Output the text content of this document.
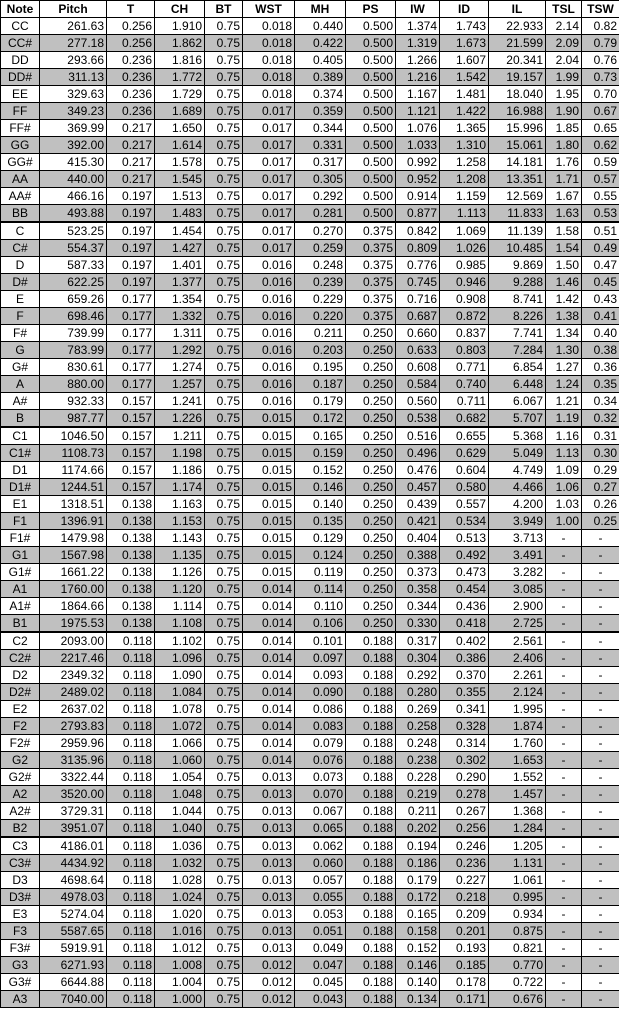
Note	Pitch	T	CH	BT	WST	MH	PS	IW	ID	IL	TSL	TSW
CC	261.63	0.256	1.910	0.75	0.018	0.440	0.500	1.374	1.743	22.933	2.14	0.82
CC#	277.18	0.256	1.862	0.75	0.018	0.422	0.500	1.319	1.673	21.599	2.09	0.79
DD	293.66	0.236	1.816	0.75	0.018	0.405	0.500	1.266	1.607	20.341	2.04	0.76
DD#	311.13	0.236	1.772	0.75	0.018	0.389	0.500	1.216	1.542	19.157	1.99	0.73
EE	329.63	0.236	1.729	0.75	0.018	0.374	0.500	1.167	1.481	18.040	1.95	0.70
FF	349.23	0.236	1.689	0.75	0.017	0.359	0.500	1.121	1.422	16.988	1.90	0.67
FF#	369.99	0.217	1.650	0.75	0.017	0.344	0.500	1.076	1.365	15.996	1.85	0.65
GG	392.00	0.217	1.614	0.75	0.017	0.331	0.500	1.033	1.310	15.061	1.80	0.62
GG#	415.30	0.217	1.578	0.75	0.017	0.317	0.500	0.992	1.258	14.181	1.76	0.59
AA	440.00	0.217	1.545	0.75	0.017	0.305	0.500	0.952	1.208	13.351	1.71	0.57
AA#	466.16	0.197	1.513	0.75	0.017	0.292	0.500	0.914	1.159	12.569	1.67	0.55
BB	493.88	0.197	1.483	0.75	0.017	0.281	0.500	0.877	1.113	11.833	1.63	0.53
C	523.25	0.197	1.454	0.75	0.017	0.270	0.375	0.842	1.069	11.139	1.58	0.51
C#	554.37	0.197	1.427	0.75	0.017	0.259	0.375	0.809	1.026	10.485	1.54	0.49
D	587.33	0.197	1.401	0.75	0.016	0.248	0.375	0.776	0.985	9.869	1.50	0.47
D#	622.25	0.197	1.377	0.75	0.016	0.239	0.375	0.745	0.946	9.288	1.46	0.45
E	659.26	0.177	1.354	0.75	0.016	0.229	0.375	0.716	0.908	8.741	1.42	0.43
F	698.46	0.177	1.332	0.75	0.016	0.220	0.375	0.687	0.872	8.226	1.38	0.41
F#	739.99	0.177	1.311	0.75	0.016	0.211	0.250	0.660	0.837	7.741	1.34	0.40
G	783.99	0.177	1.292	0.75	0.016	0.203	0.250	0.633	0.803	7.284	1.30	0.38
G#	830.61	0.177	1.274	0.75	0.016	0.195	0.250	0.608	0.771	6.854	1.27	0.36
A	880.00	0.177	1.257	0.75	0.016	0.187	0.250	0.584	0.740	6.448	1.24	0.35
A#	932.33	0.157	1.241	0.75	0.016	0.179	0.250	0.560	0.711	6.067	1.21	0.34
B	987.77	0.157	1.226	0.75	0.015	0.172	0.250	0.538	0.682	5.707	1.19	0.32
C1	1046.50	0.157	1.211	0.75	0.015	0.165	0.250	0.516	0.655	5.368	1.16	0.31
C1#	1108.73	0.157	1.198	0.75	0.015	0.159	0.250	0.496	0.629	5.049	1.13	0.30
D1	1174.66	0.157	1.186	0.75	0.015	0.152	0.250	0.476	0.604	4.749	1.09	0.29
D1#	1244.51	0.157	1.174	0.75	0.015	0.146	0.250	0.457	0.580	4.466	1.06	0.27
E1	1318.51	0.138	1.163	0.75	0.015	0.140	0.250	0.439	0.557	4.200	1.03	0.26
F1	1396.91	0.138	1.153	0.75	0.015	0.135	0.250	0.421	0.534	3.949	1.00	0.25
F1#	1479.98	0.138	1.143	0.75	0.015	0.129	0.250	0.404	0.513	3.713	-	-
G1	1567.98	0.138	1.135	0.75	0.015	0.124	0.250	0.388	0.492	3.491	-	-
G1#	1661.22	0.138	1.126	0.75	0.015	0.119	0.250	0.373	0.473	3.282	-	-
A1	1760.00	0.138	1.120	0.75	0.014	0.114	0.250	0.358	0.454	3.085	-	-
A1#	1864.66	0.138	1.114	0.75	0.014	0.110	0.250	0.344	0.436	2.900	-	-
B1	1975.53	0.138	1.108	0.75	0.014	0.106	0.250	0.330	0.418	2.725	-	-
C2	2093.00	0.118	1.102	0.75	0.014	0.101	0.188	0.317	0.402	2.561	-	-
C2#	2217.46	0.118	1.096	0.75	0.014	0.097	0.188	0.304	0.386	2.406	-	-
D2	2349.32	0.118	1.090	0.75	0.014	0.093	0.188	0.292	0.370	2.261	-	-
D2#	2489.02	0.118	1.084	0.75	0.014	0.090	0.188	0.280	0.355	2.124	-	-
E2	2637.02	0.118	1.078	0.75	0.014	0.086	0.188	0.269	0.341	1.995	-	-
F2	2793.83	0.118	1.072	0.75	0.014	0.083	0.188	0.258	0.328	1.874	-	-
F2#	2959.96	0.118	1.066	0.75	0.014	0.079	0.188	0.248	0.314	1.760	-	-
G2	3135.96	0.118	1.060	0.75	0.014	0.076	0.188	0.238	0.302	1.653	-	-
G2#	3322.44	0.118	1.054	0.75	0.013	0.073	0.188	0.228	0.290	1.552	-	-
A2	3520.00	0.118	1.048	0.75	0.013	0.070	0.188	0.219	0.278	1.457	-	-
A2#	3729.31	0.118	1.044	0.75	0.013	0.067	0.188	0.211	0.267	1.368	-	-
B2	3951.07	0.118	1.040	0.75	0.013	0.065	0.188	0.202	0.256	1.284	-	-
C3	4186.01	0.118	1.036	0.75	0.013	0.062	0.188	0.194	0.246	1.205	-	-
C3#	4434.92	0.118	1.032	0.75	0.013	0.060	0.188	0.186	0.236	1.131	-	-
D3	4698.64	0.118	1.028	0.75	0.013	0.057	0.188	0.179	0.227	1.061	-	-
D3#	4978.03	0.118	1.024	0.75	0.013	0.055	0.188	0.172	0.218	0.995	-	-
E3	5274.04	0.118	1.020	0.75	0.013	0.053	0.188	0.165	0.209	0.934	-	-
F3	5587.65	0.118	1.016	0.75	0.013	0.051	0.188	0.158	0.201	0.875	-	-
F3#	5919.91	0.118	1.012	0.75	0.013	0.049	0.188	0.152	0.193	0.821	-	-
G3	6271.93	0.118	1.008	0.75	0.012	0.047	0.188	0.146	0.185	0.770	-	-
G3#	6644.88	0.118	1.004	0.75	0.012	0.045	0.188	0.140	0.178	0.722	-	-
A3	7040.00	0.118	1.000	0.75	0.012	0.043	0.188	0.134	0.171	0.676	-	-
